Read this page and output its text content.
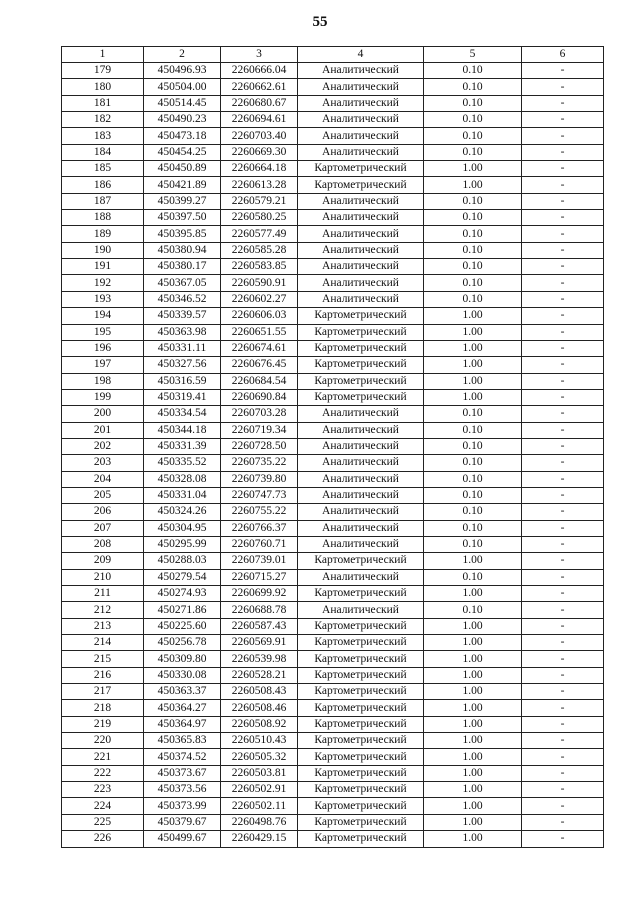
55
1	2	3	4	5	6
179	450496.93	2260666.04	Аналитический	0.10	-
180	450504.00	2260662.61	Аналитический	0.10	-
181	450514.45	2260680.67	Аналитический	0.10	-
182	450490.23	2260694.61	Аналитический	0.10	-
183	450473.18	2260703.40	Аналитический	0.10	-
184	450454.25	2260669.30	Аналитический	0.10	-
185	450450.89	2260664.18	Картометрический	1.00	-
186	450421.89	2260613.28	Картометрический	1.00	-
187	450399.27	2260579.21	Аналитический	0.10	-
188	450397.50	2260580.25	Аналитический	0.10	-
189	450395.85	2260577.49	Аналитический	0.10	-
190	450380.94	2260585.28	Аналитический	0.10	-
191	450380.17	2260583.85	Аналитический	0.10	-
192	450367.05	2260590.91	Аналитический	0.10	-
193	450346.52	2260602.27	Аналитический	0.10	-
194	450339.57	2260606.03	Картометрический	1.00	-
195	450363.98	2260651.55	Картометрический	1.00	-
196	450331.11	2260674.61	Картометрический	1.00	-
197	450327.56	2260676.45	Картометрический	1.00	-
198	450316.59	2260684.54	Картометрический	1.00	-
199	450319.41	2260690.84	Картометрический	1.00	-
200	450334.54	2260703.28	Аналитический	0.10	-
201	450344.18	2260719.34	Аналитический	0.10	-
202	450331.39	2260728.50	Аналитический	0.10	-
203	450335.52	2260735.22	Аналитический	0.10	-
204	450328.08	2260739.80	Аналитический	0.10	-
205	450331.04	2260747.73	Аналитический	0.10	-
206	450324.26	2260755.22	Аналитический	0.10	-
207	450304.95	2260766.37	Аналитический	0.10	-
208	450295.99	2260760.71	Аналитический	0.10	-
209	450288.03	2260739.01	Картометрический	1.00	-
210	450279.54	2260715.27	Аналитический	0.10	-
211	450274.93	2260699.92	Картометрический	1.00	-
212	450271.86	2260688.78	Аналитический	0.10	-
213	450225.60	2260587.43	Картометрический	1.00	-
214	450256.78	2260569.91	Картометрический	1.00	-
215	450309.80	2260539.98	Картометрический	1.00	-
216	450330.08	2260528.21	Картометрический	1.00	-
217	450363.37	2260508.43	Картометрический	1.00	-
218	450364.27	2260508.46	Картометрический	1.00	-
219	450364.97	2260508.92	Картометрический	1.00	-
220	450365.83	2260510.43	Картометрический	1.00	-
221	450374.52	2260505.32	Картометрический	1.00	-
222	450373.67	2260503.81	Картометрический	1.00	-
223	450373.56	2260502.91	Картометрический	1.00	-
224	450373.99	2260502.11	Картометрический	1.00	-
225	450379.67	2260498.76	Картометрический	1.00	-
226	450499.67	2260429.15	Картометрический	1.00	-
